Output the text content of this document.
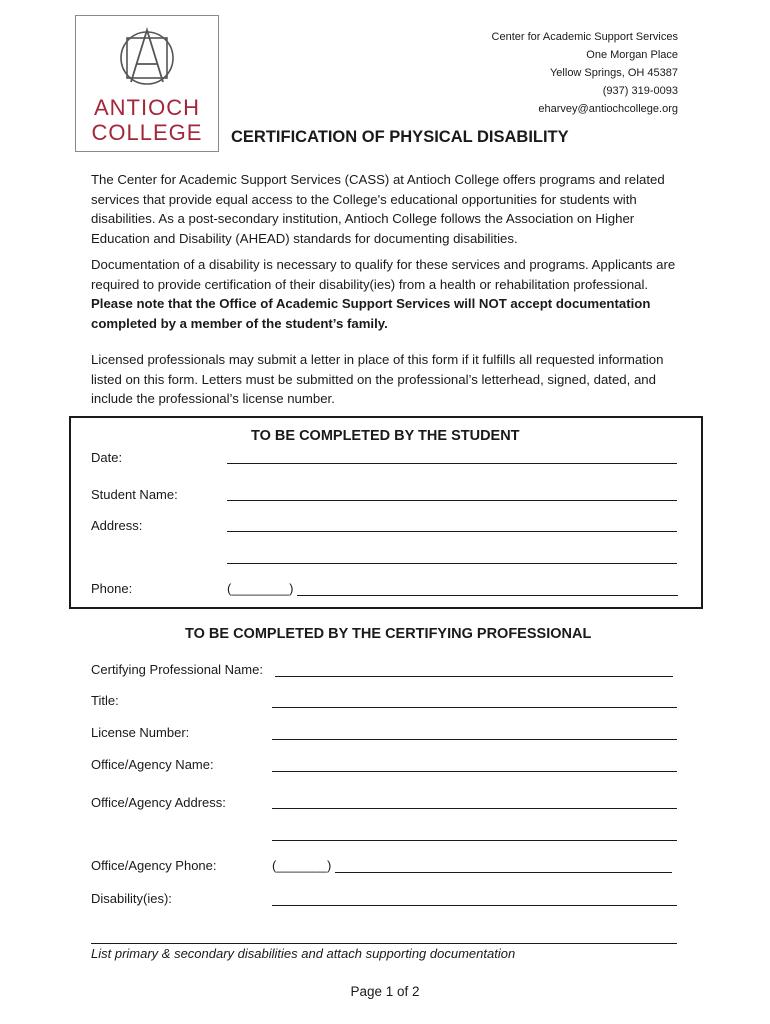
ANTIOCH
COLLEGE
Center for Academic Support Services
One Morgan Place
Yellow Springs, OH 45387
(937) 319-0093
eharvey@antiochcollege.org
CERTIFICATION OF PHYSICAL DISABILITY

The Center for Academic Support Services (CASS) at Antioch College offers programs and related services that provide equal access to the College's educational opportunities for students with disabilities. As a post-secondary institution, Antioch College follows the Association on Higher Education and Disability (AHEAD) standards for documenting disabilities.

Documentation of a disability is necessary to qualify for these services and programs. Applicants are required to provide certification of their disability(ies) from a health or rehabilitation professional. Please note that the Office of Academic Support Services will NOT accept documentation completed by a member of the student’s family.

Licensed professionals may submit a letter in place of this form if it fulfills all requested information listed on this form. Letters must be submitted on the professional’s letterhead, signed, dated, and include the professional’s license number.

TO BE COMPLETED BY THE STUDENT
Date:
Student Name:
Address:
Phone:	(________)
TO BE COMPLETED BY THE CERTIFYING PROFESSIONAL
Certifying Professional Name:
Title:
License Number:
Office/Agency Name:
Office/Agency Address:
Office/Agency Phone:	(_______)
Disability(ies):
List primary & secondary disabilities and attach supporting documentation
Page 1 of 2
